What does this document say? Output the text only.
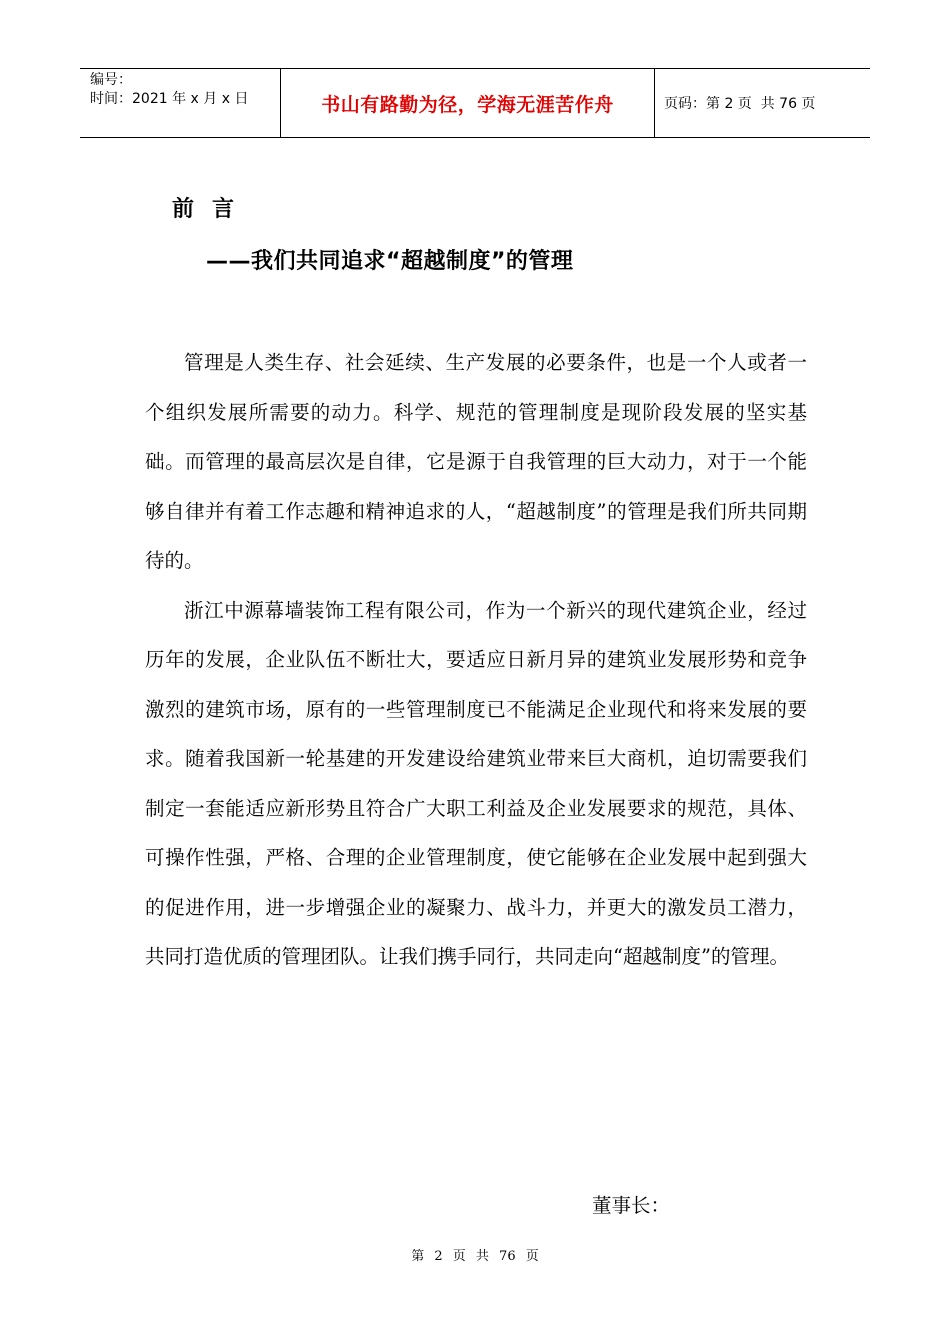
编号：
时间：2021 年 x 月 x 日	书山有路勤为径，学海无涯苦作舟	页码：第 2 页  共 76 页
前言
——我们共同追求“超越制度”的管理

管理是人类生存、社会延续、生产发展的必要条件，也是一个人或者一个组织发展所需要的动力。科学、规范的管理制度是现阶段发展的坚实基础。而管理的最高层次是自律，它是源于自我管理的巨大动力，对于一个能够自律并有着工作志趣和精神追求的人，“超越制度”的管理是我们所共同期待的。

浙江中源幕墙装饰工程有限公司，作为一个新兴的现代建筑企业，经过历年的发展，企业队伍不断壮大，要适应日新月异的建筑业发展形势和竞争激烈的建筑市场，原有的一些管理制度已不能满足企业现代和将来发展的要求。随着我国新一轮基建的开发建设给建筑业带来巨大商机，迫切需要我们制定一套能适应新形势且符合广大职工利益及企业发展要求的规范，具体、可操作性强，严格、合理的企业管理制度，使它能够在企业发展中起到强大的促进作用，进一步增强企业的凝聚力、战斗力，并更大的激发员工潜力，共同打造优质的管理团队。让我们携手同行，共同走向“超越制度”的管理。

董事长：
第 2 页 共 76 页
